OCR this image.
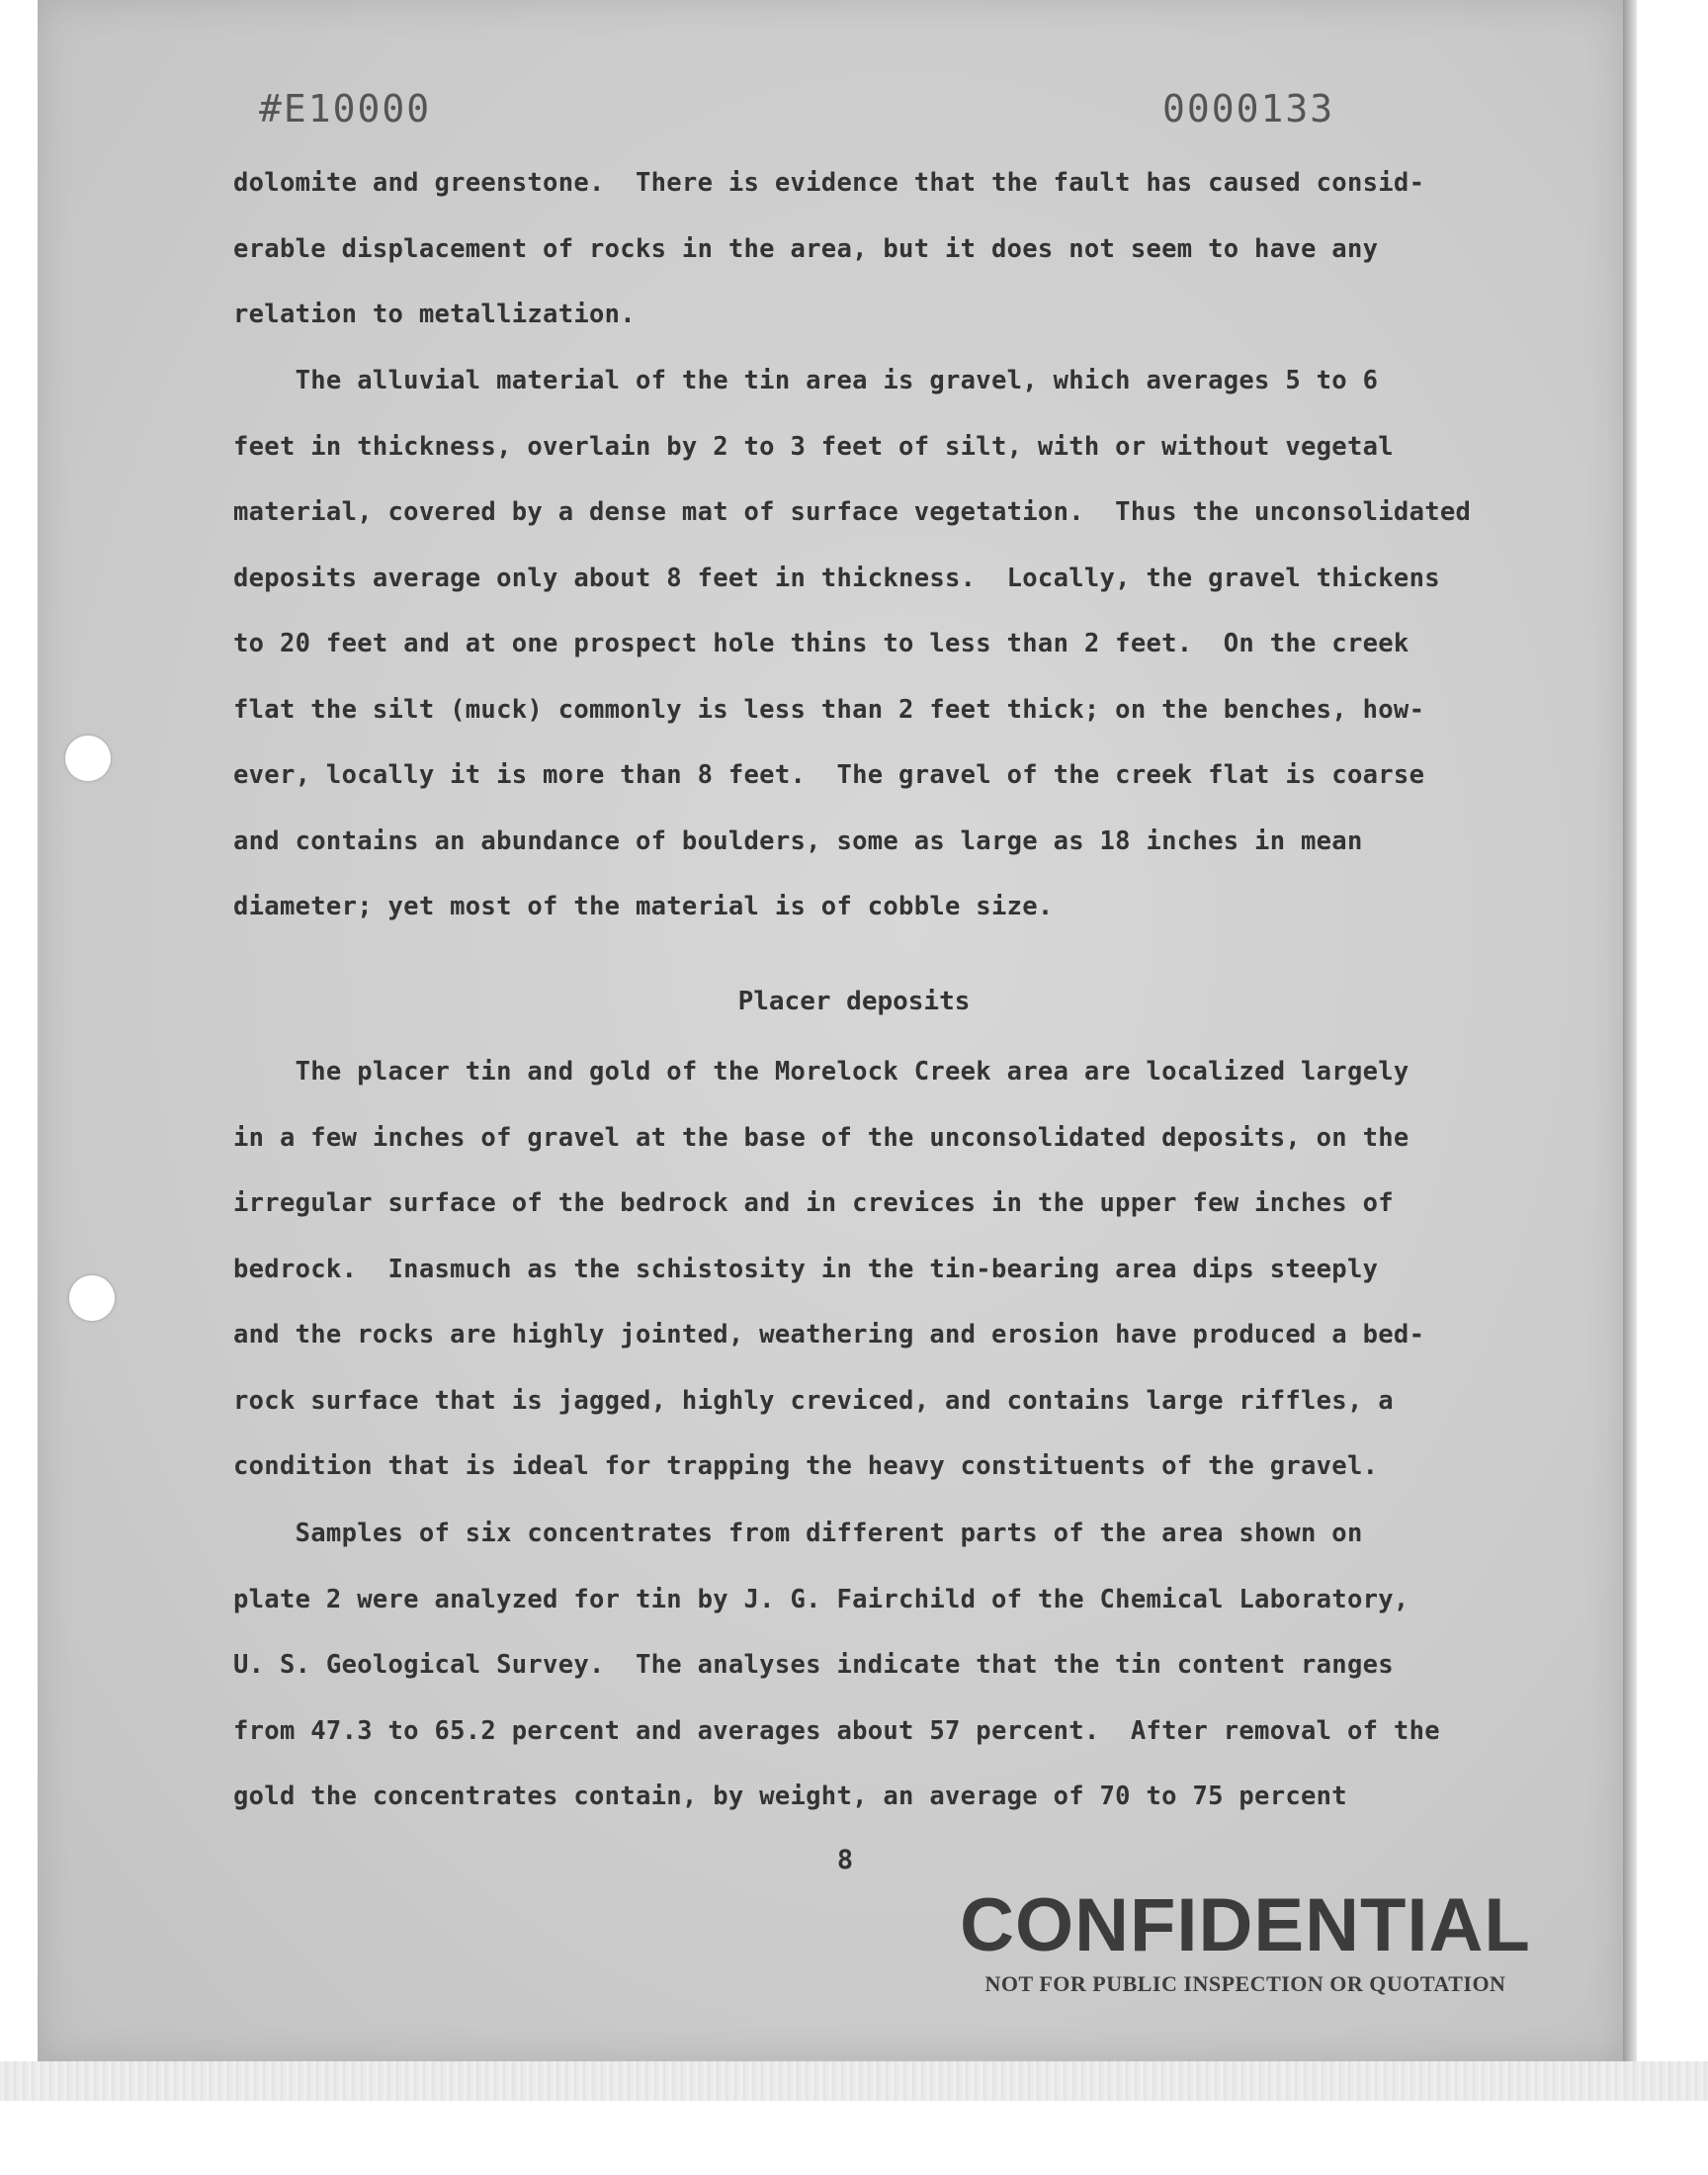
#E10000	0000133
dolomite and greenstone.  There is evidence that the fault has caused consid-
erable displacement of rocks in the area, but it does not seem to have any
relation to metallization.
The alluvial material of the tin area is gravel, which averages 5 to 6
feet in thickness, overlain by 2 to 3 feet of silt, with or without vegetal
material, covered by a dense mat of surface vegetation.  Thus the unconsolidated
deposits average only about 8 feet in thickness.  Locally, the gravel thickens
to 20 feet and at one prospect hole thins to less than 2 feet.  On the creek
flat the silt (muck) commonly is less than 2 feet thick; on the benches, how-
ever, locally it is more than 8 feet.  The gravel of the creek flat is coarse
and contains an abundance of boulders, some as large as 18 inches in mean
diameter; yet most of the material is of cobble size.
Placer deposits
The placer tin and gold of the Morelock Creek area are localized largely
in a few inches of gravel at the base of the unconsolidated deposits, on the
irregular surface of the bedrock and in crevices in the upper few inches of
bedrock.  Inasmuch as the schistosity in the tin-bearing area dips steeply
and the rocks are highly jointed, weathering and erosion have produced a bed-
rock surface that is jagged, highly creviced, and contains large riffles, a
condition that is ideal for trapping the heavy constituents of the gravel.
Samples of six concentrates from different parts of the area shown on
plate 2 were analyzed for tin by J. G. Fairchild of the Chemical Laboratory,
U. S. Geological Survey.  The analyses indicate that the tin content ranges
from 47.3 to 65.2 percent and averages about 57 percent.  After removal of the
gold the concentrates contain, by weight, an average of 70 to 75 percent
8
CONFIDENTIAL
NOT FOR PUBLIC INSPECTION OR QUOTATION
